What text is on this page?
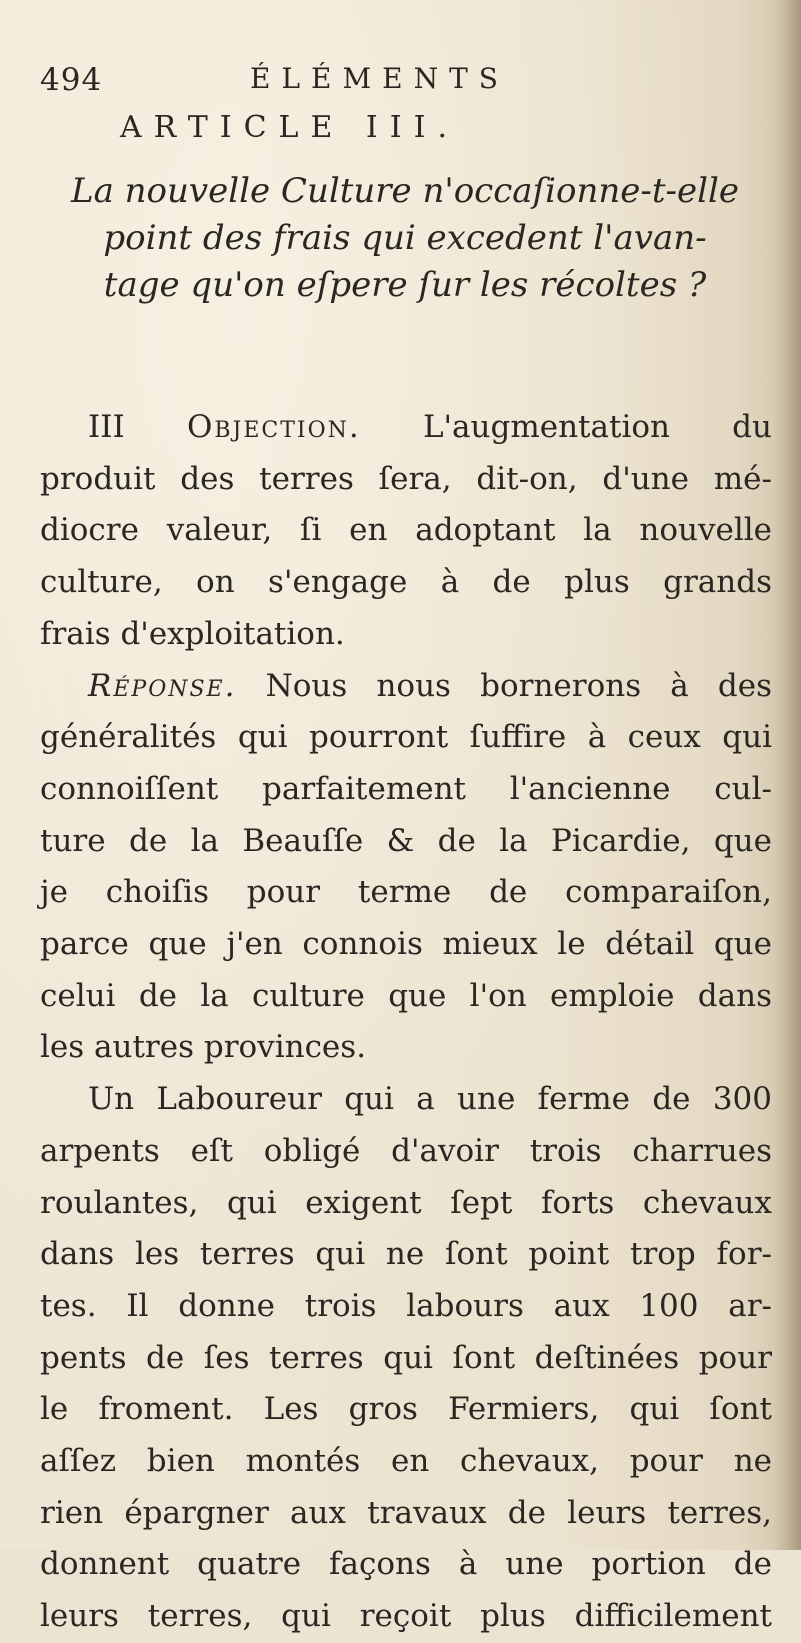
494	ÉLÉMENTS
ARTICLE III.
La nouvelle Culture n'occaſionne-t-elle
point des frais qui excedent l'avan-
tage qu'on eſpere ſur les récoltes ?
III Objection. L'augmentation du
produit des terres ſera, dit-on, d'une mé-
diocre valeur, ſi en adoptant la nouvelle
culture, on s'engage à de plus grands
frais d'exploitation.
Réponse. Nous nous bornerons à des
généralités qui pourront ſuffire à ceux qui
connoiſſent parfaitement l'ancienne cul-
ture de la Beauſſe & de la Picardie, que
je choiſis pour terme de comparaiſon,
parce que j'en connois mieux le détail que
celui de la culture que l'on emploie dans
les autres provinces.
Un Laboureur qui a une ferme de 300
arpents eſt obligé d'avoir trois charrues
roulantes, qui exigent ſept forts chevaux
dans les terres qui ne ſont point trop for-
tes. Il donne trois labours aux 100 ar-
pents de ſes terres qui ſont deſtinées pour
le froment. Les gros Fermiers, qui ſont
aſſez bien montés en chevaux, pour ne
rien épargner aux travaux de leurs terres,
donnent quatre façons à une portion de
leurs terres, qui reçoit plus difficilement
